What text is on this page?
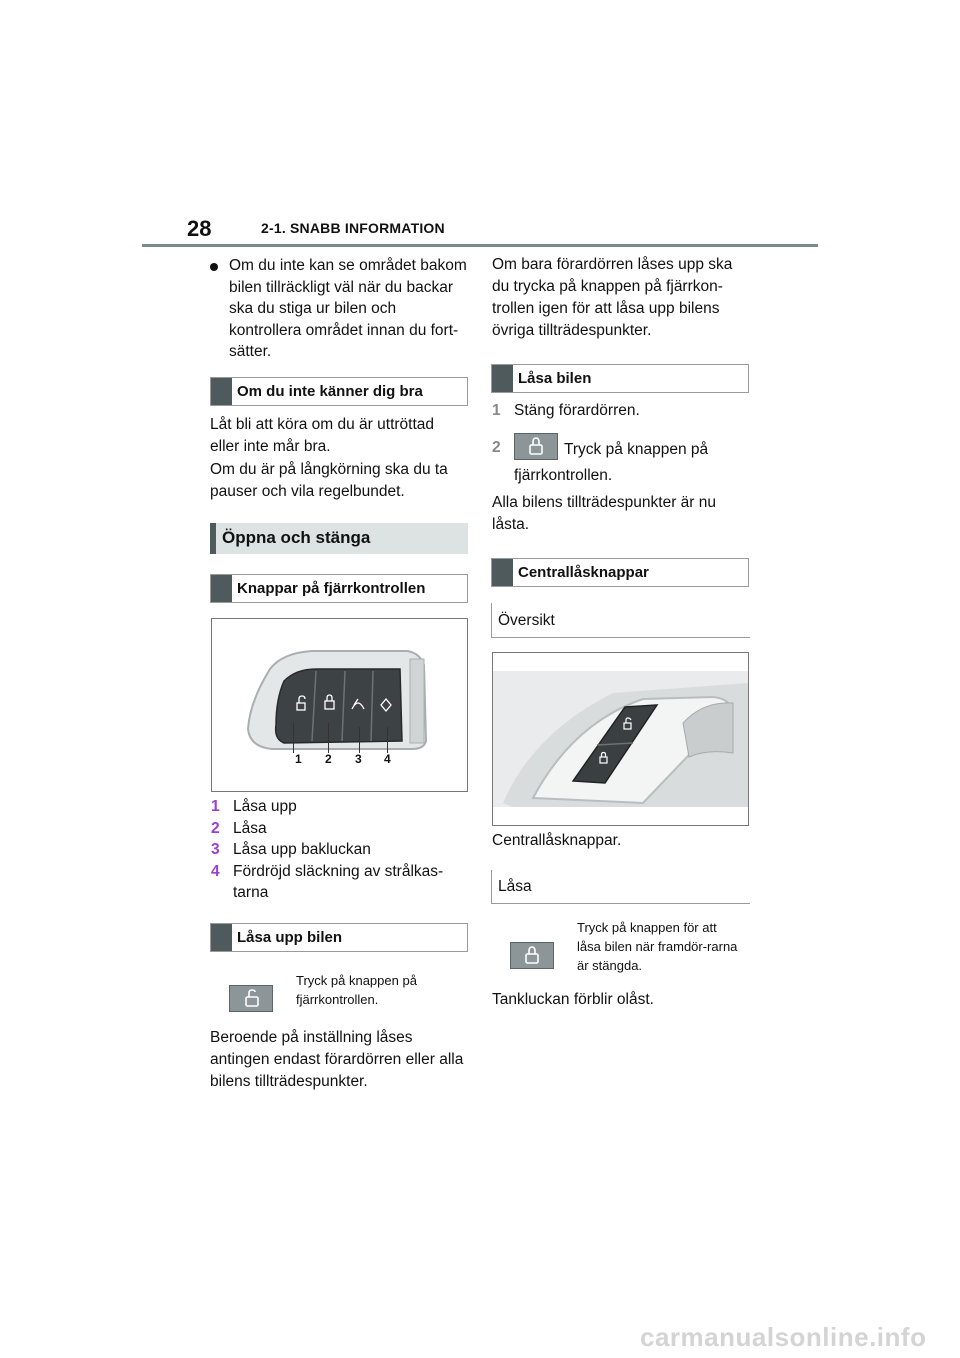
28	2-1. SNABB INFORMATION
Om du inte kan se området bakom bilen tillräckligt väl när du backar ska du stiga ur bilen och kontrollera området innan du fort-sätter.
Om du inte känner dig bra
Låt bli att köra om du är uttröttad eller inte mår bra.
Om du är på långkörning ska du ta pauser och vila regelbundet.
Öppna och stänga
Knappar på fjärrkontrollen
1 2 3 4
1 Låsa upp
2 Låsa
3 Låsa upp bakluckan
4 Fördröjd släckning av strålkas-tarna
Låsa upp bilen
Tryck på knappen på fjärrkontrollen.
Beroende på inställning låses antingen endast förardörren eller alla bilens tillträdespunkter.
Om bara förardörren låses upp ska du trycka på knappen på fjärrkon-trollen igen för att låsa upp bilens övriga tillträdespunkter.
Låsa bilen
1 Stäng förardörren.
2	Tryck på knappen på fjärrkontrollen.
Alla bilens tillträdespunkter är nu låsta.
Centrallåsknappar
Översikt
Centrallåsknappar.
Låsa
Tryck på knappen för att låsa bilen när framdör-rarna är stängda.
Tankluckan förblir olåst.
carmanualsonline.info
